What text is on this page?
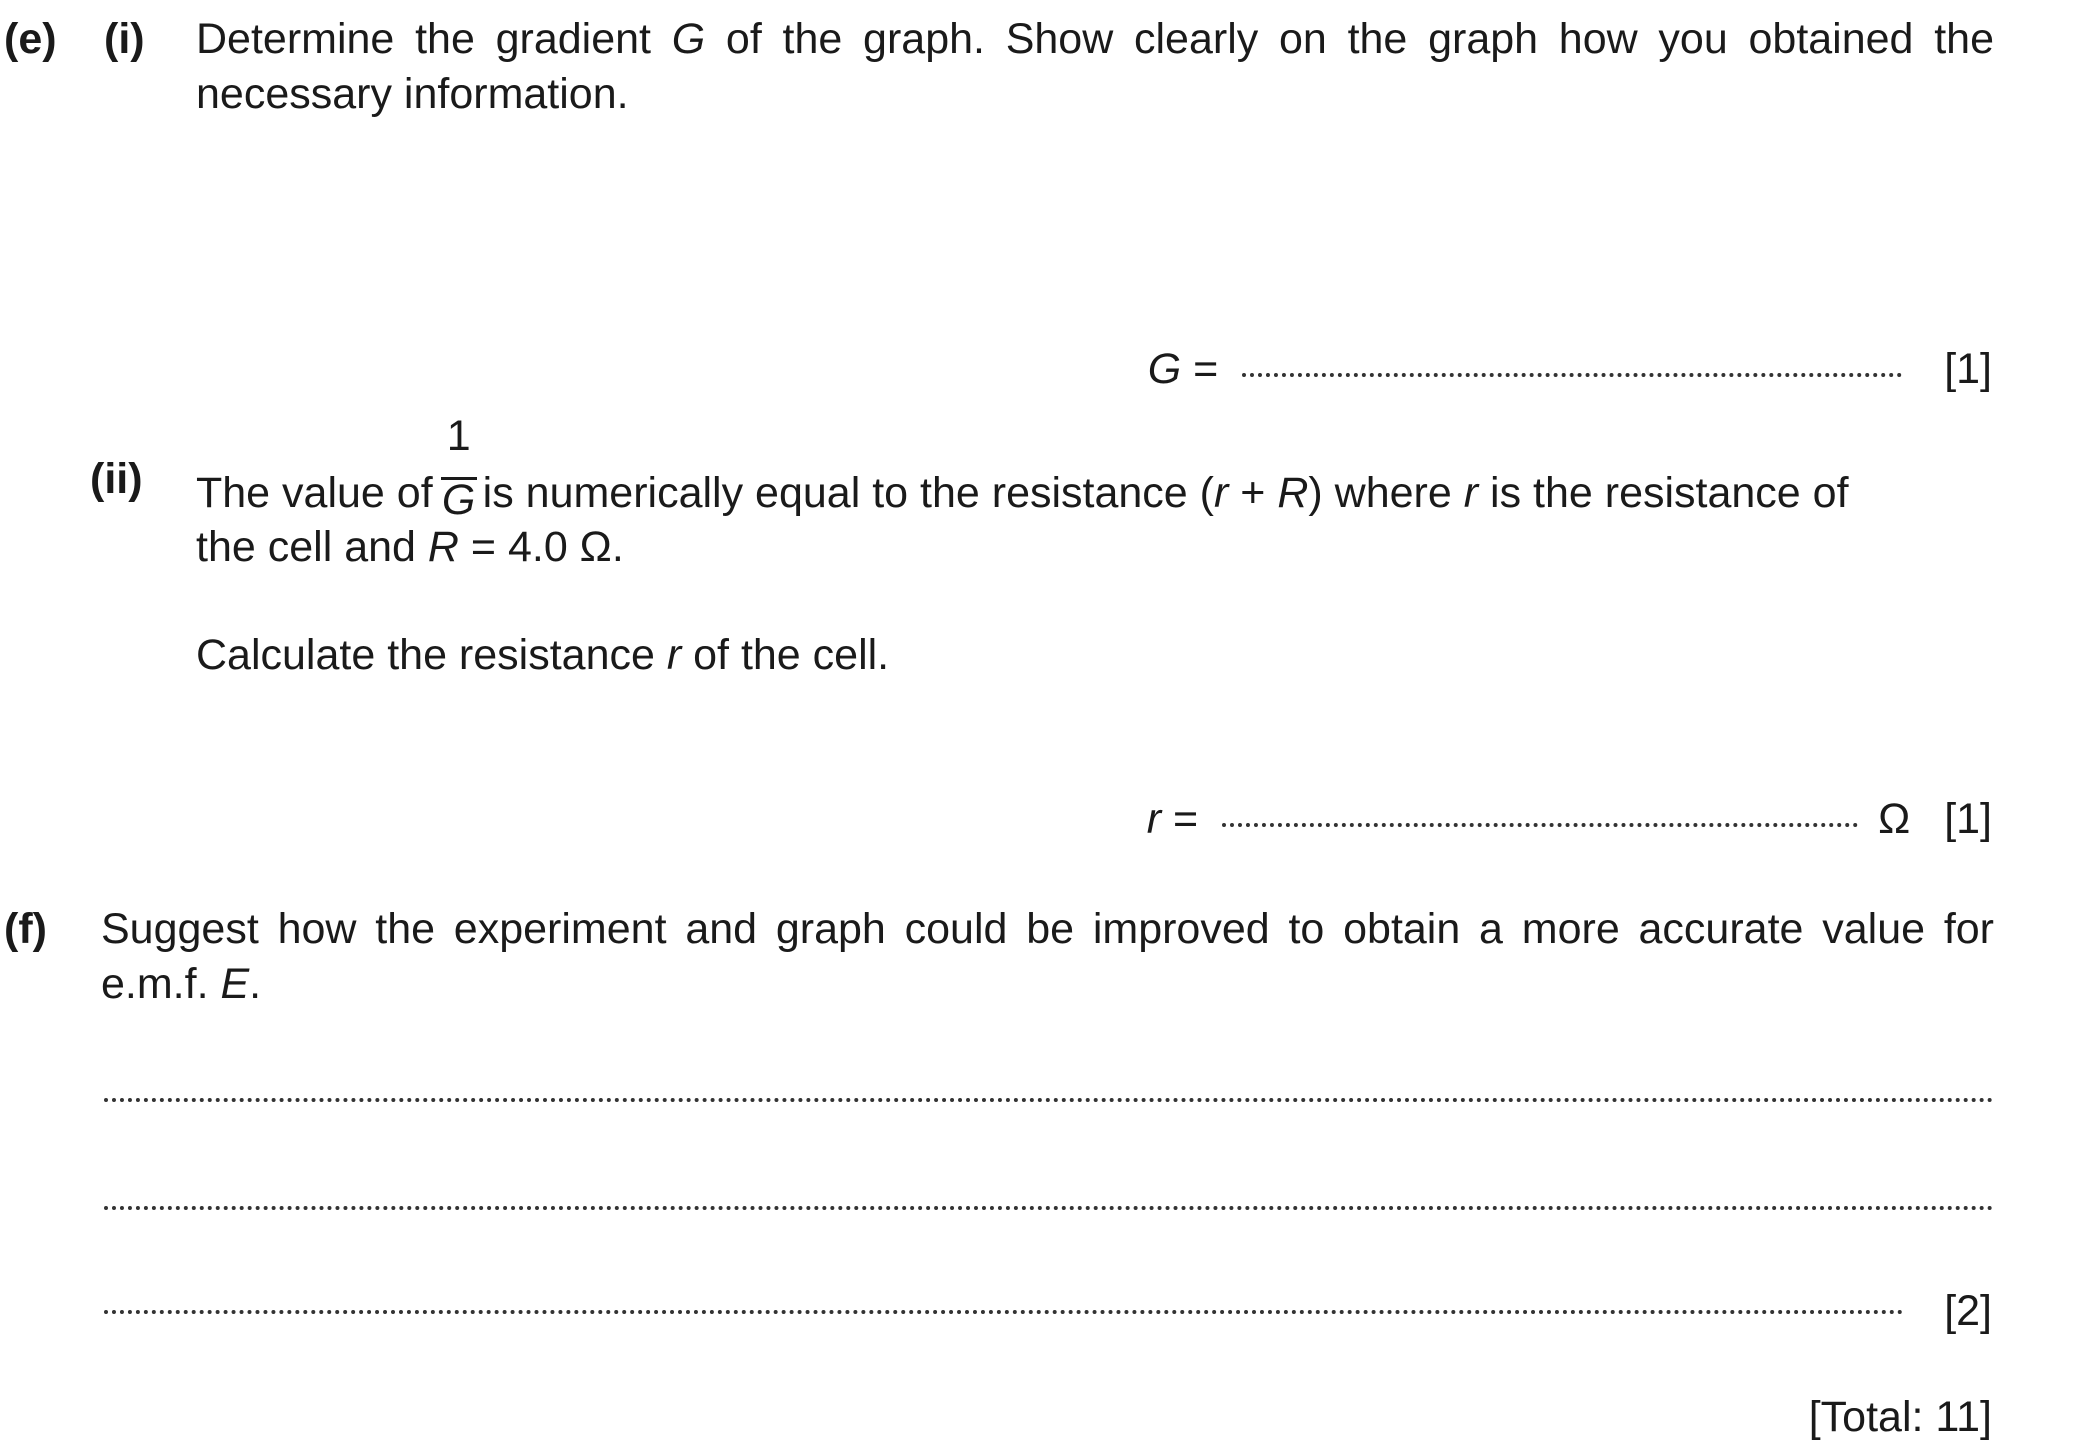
(e) (i) Determine the gradient G of the graph. Show clearly on the graph how you obtained the necessary information.
G =	[1]
(ii) The value of $\frac{1}{G}$ is numerically equal to the resistance (r + R) where r is the resistance of
the cell and R = 4.0 Ω.
Calculate the resistance r of the cell.
r =	Ω [1]
(f) Suggest how the experiment and graph could be improved to obtain a more accurate value for e.m.f. E.
[2]
[Total: 11]
